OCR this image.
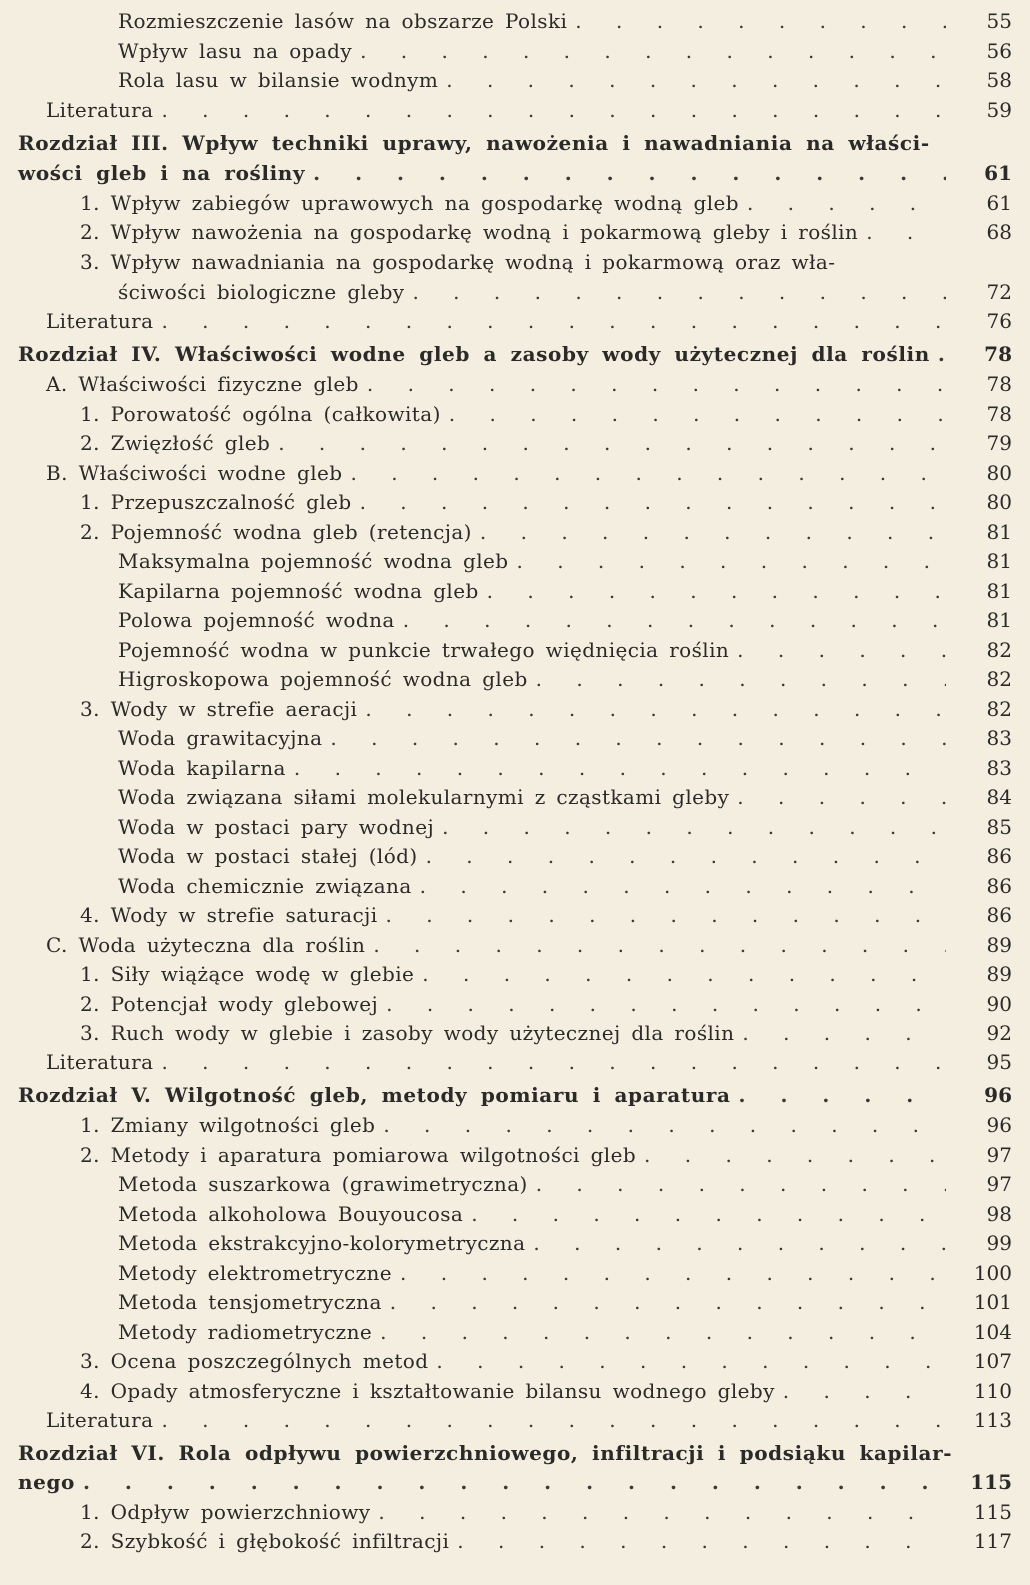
Rozmieszczenie lasów na obszarze Polski . . .	55
Wpływ lasu na opady . . .	56
Rola lasu w bilansie wodnym . . .	58
Literatura . . .	59
Rozdział III. Wpływ techniki uprawy, nawożenia i nawadniania na właści-
wości gleb i na rośliny . . .	61
1. Wpływ zabiegów uprawowych na gospodarkę wodną gleb . . .	61
2. Wpływ nawożenia na gospodarkę wodną i pokarmową gleby i roślin . . .	68
3. Wpływ nawadniania na gospodarkę wodną i pokarmową oraz wła-
ściwości biologiczne gleby . . .	72
Literatura . . .	76
Rozdział IV. Właściwości wodne gleb a zasoby wody użytecznej dla roślin . . .	78
A. Właściwości fizyczne gleb . . .	78
1. Porowatość ogólna (całkowita) . . .	78
2. Zwięzłość gleb . . .	79
B. Właściwości wodne gleb . . .	80
1. Przepuszczalność gleb . . .	80
2. Pojemność wodna gleb (retencja) . . .	81
Maksymalna pojemność wodna gleb . . .	81
Kapilarna pojemność wodna gleb . . .	81
Polowa pojemność wodna . . .	81
Pojemność wodna w punkcie trwałego więdnięcia roślin . . .	82
Higroskopowa pojemność wodna gleb . . .	82
3. Wody w strefie aeracji . . .	82
Woda grawitacyjna . . .	83
Woda kapilarna . . .	83
Woda związana siłami molekularnymi z cząstkami gleby . . .	84
Woda w postaci pary wodnej . . .	85
Woda w postaci stałej (lód) . . .	86
Woda chemicznie związana . . .	86
4. Wody w strefie saturacji . . .	86
C. Woda użyteczna dla roślin . . .	89
1. Siły wiążące wodę w glebie . . .	89
2. Potencjał wody glebowej . . .	90
3. Ruch wody w glebie i zasoby wody użytecznej dla roślin . . .	92
Literatura . . .	95
Rozdział V. Wilgotność gleb, metody pomiaru i aparatura . . .	96
1. Zmiany wilgotności gleb . . .	96
2. Metody i aparatura pomiarowa wilgotności gleb . . .	97
Metoda suszarkowa (grawimetryczna) . . .	97
Metoda alkoholowa Bouyoucosa . . .	98
Metoda ekstrakcyjno-kolorymetryczna . . .	99
Metody elektrometryczne . . .	100
Metoda tensjometryczna . . .	101
Metody radiometryczne . . .	104
3. Ocena poszczególnych metod . . .	107
4. Opady atmosferyczne i kształtowanie bilansu wodnego gleby . . .	110
Literatura . . .	113
Rozdział VI. Rola odpływu powierzchniowego, infiltracji i podsiąku kapilar-
nego . . .	115
1. Odpływ powierzchniowy . . .	115
2. Szybkość i głębokość infiltracji . . .	117
